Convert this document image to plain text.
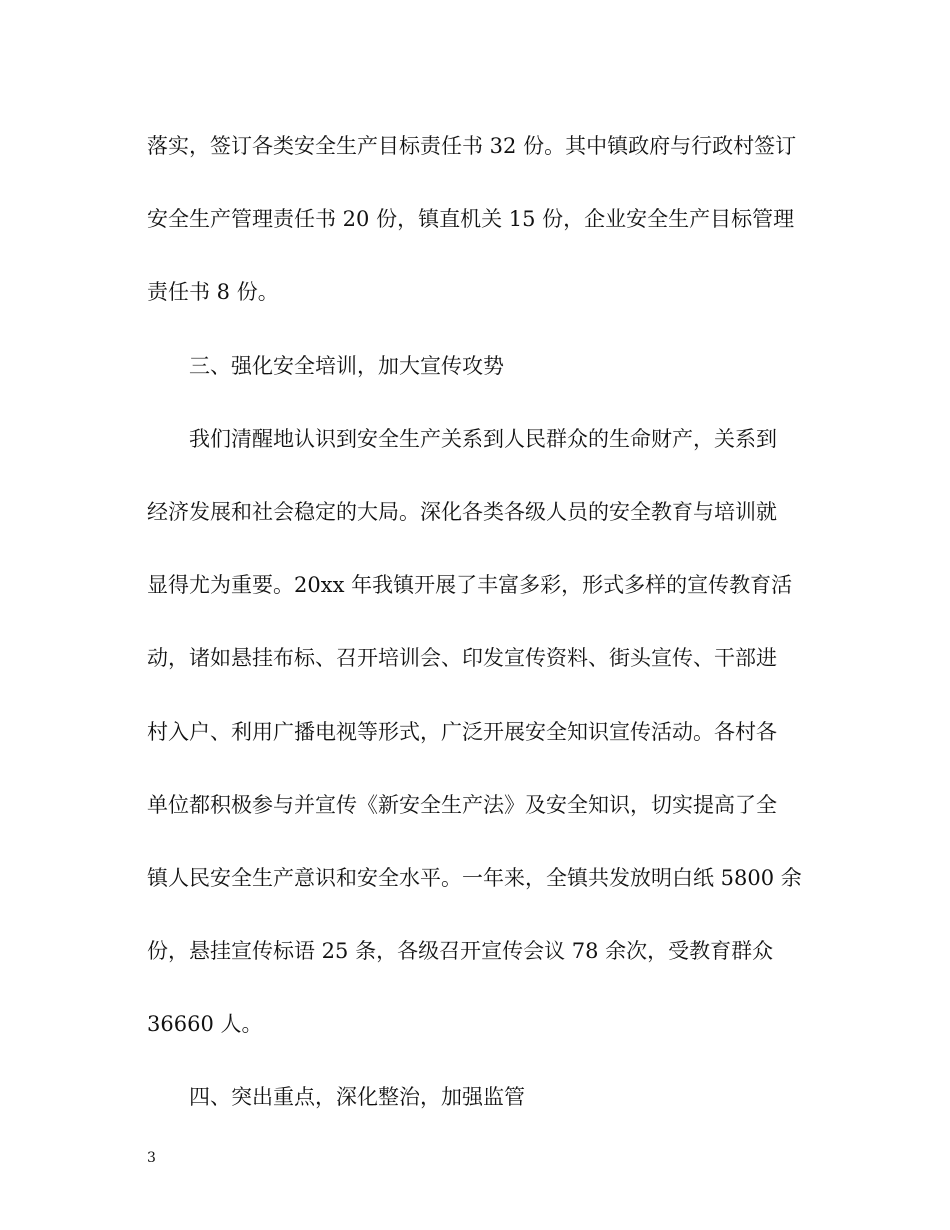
落实，签订各类安全生产目标责任书 32 份。其中镇政府与行政村签订
安全生产管理责任书 20 份，镇直机关 15 份，企业安全生产目标管理
责任书 8 份。
三、强化安全培训，加大宣传攻势
我们清醒地认识到安全生产关系到人民群众的生命财产，关系到
经济发展和社会稳定的大局。深化各类各级人员的安全教育与培训就
显得尤为重要。20xx 年我镇开展了丰富多彩，形式多样的宣传教育活
动，诸如悬挂布标、召开培训会、印发宣传资料、街头宣传、干部进
村入户、利用广播电视等形式，广泛开展安全知识宣传活动。各村各
单位都积极参与并宣传《新安全生产法》及安全知识，切实提高了全
镇人民安全生产意识和安全水平。一年来，全镇共发放明白纸 5800 余
份，悬挂宣传标语 25 条，各级召开宣传会议 78 余次，受教育群众
36660 人。
四、突出重点，深化整治，加强监管
3
